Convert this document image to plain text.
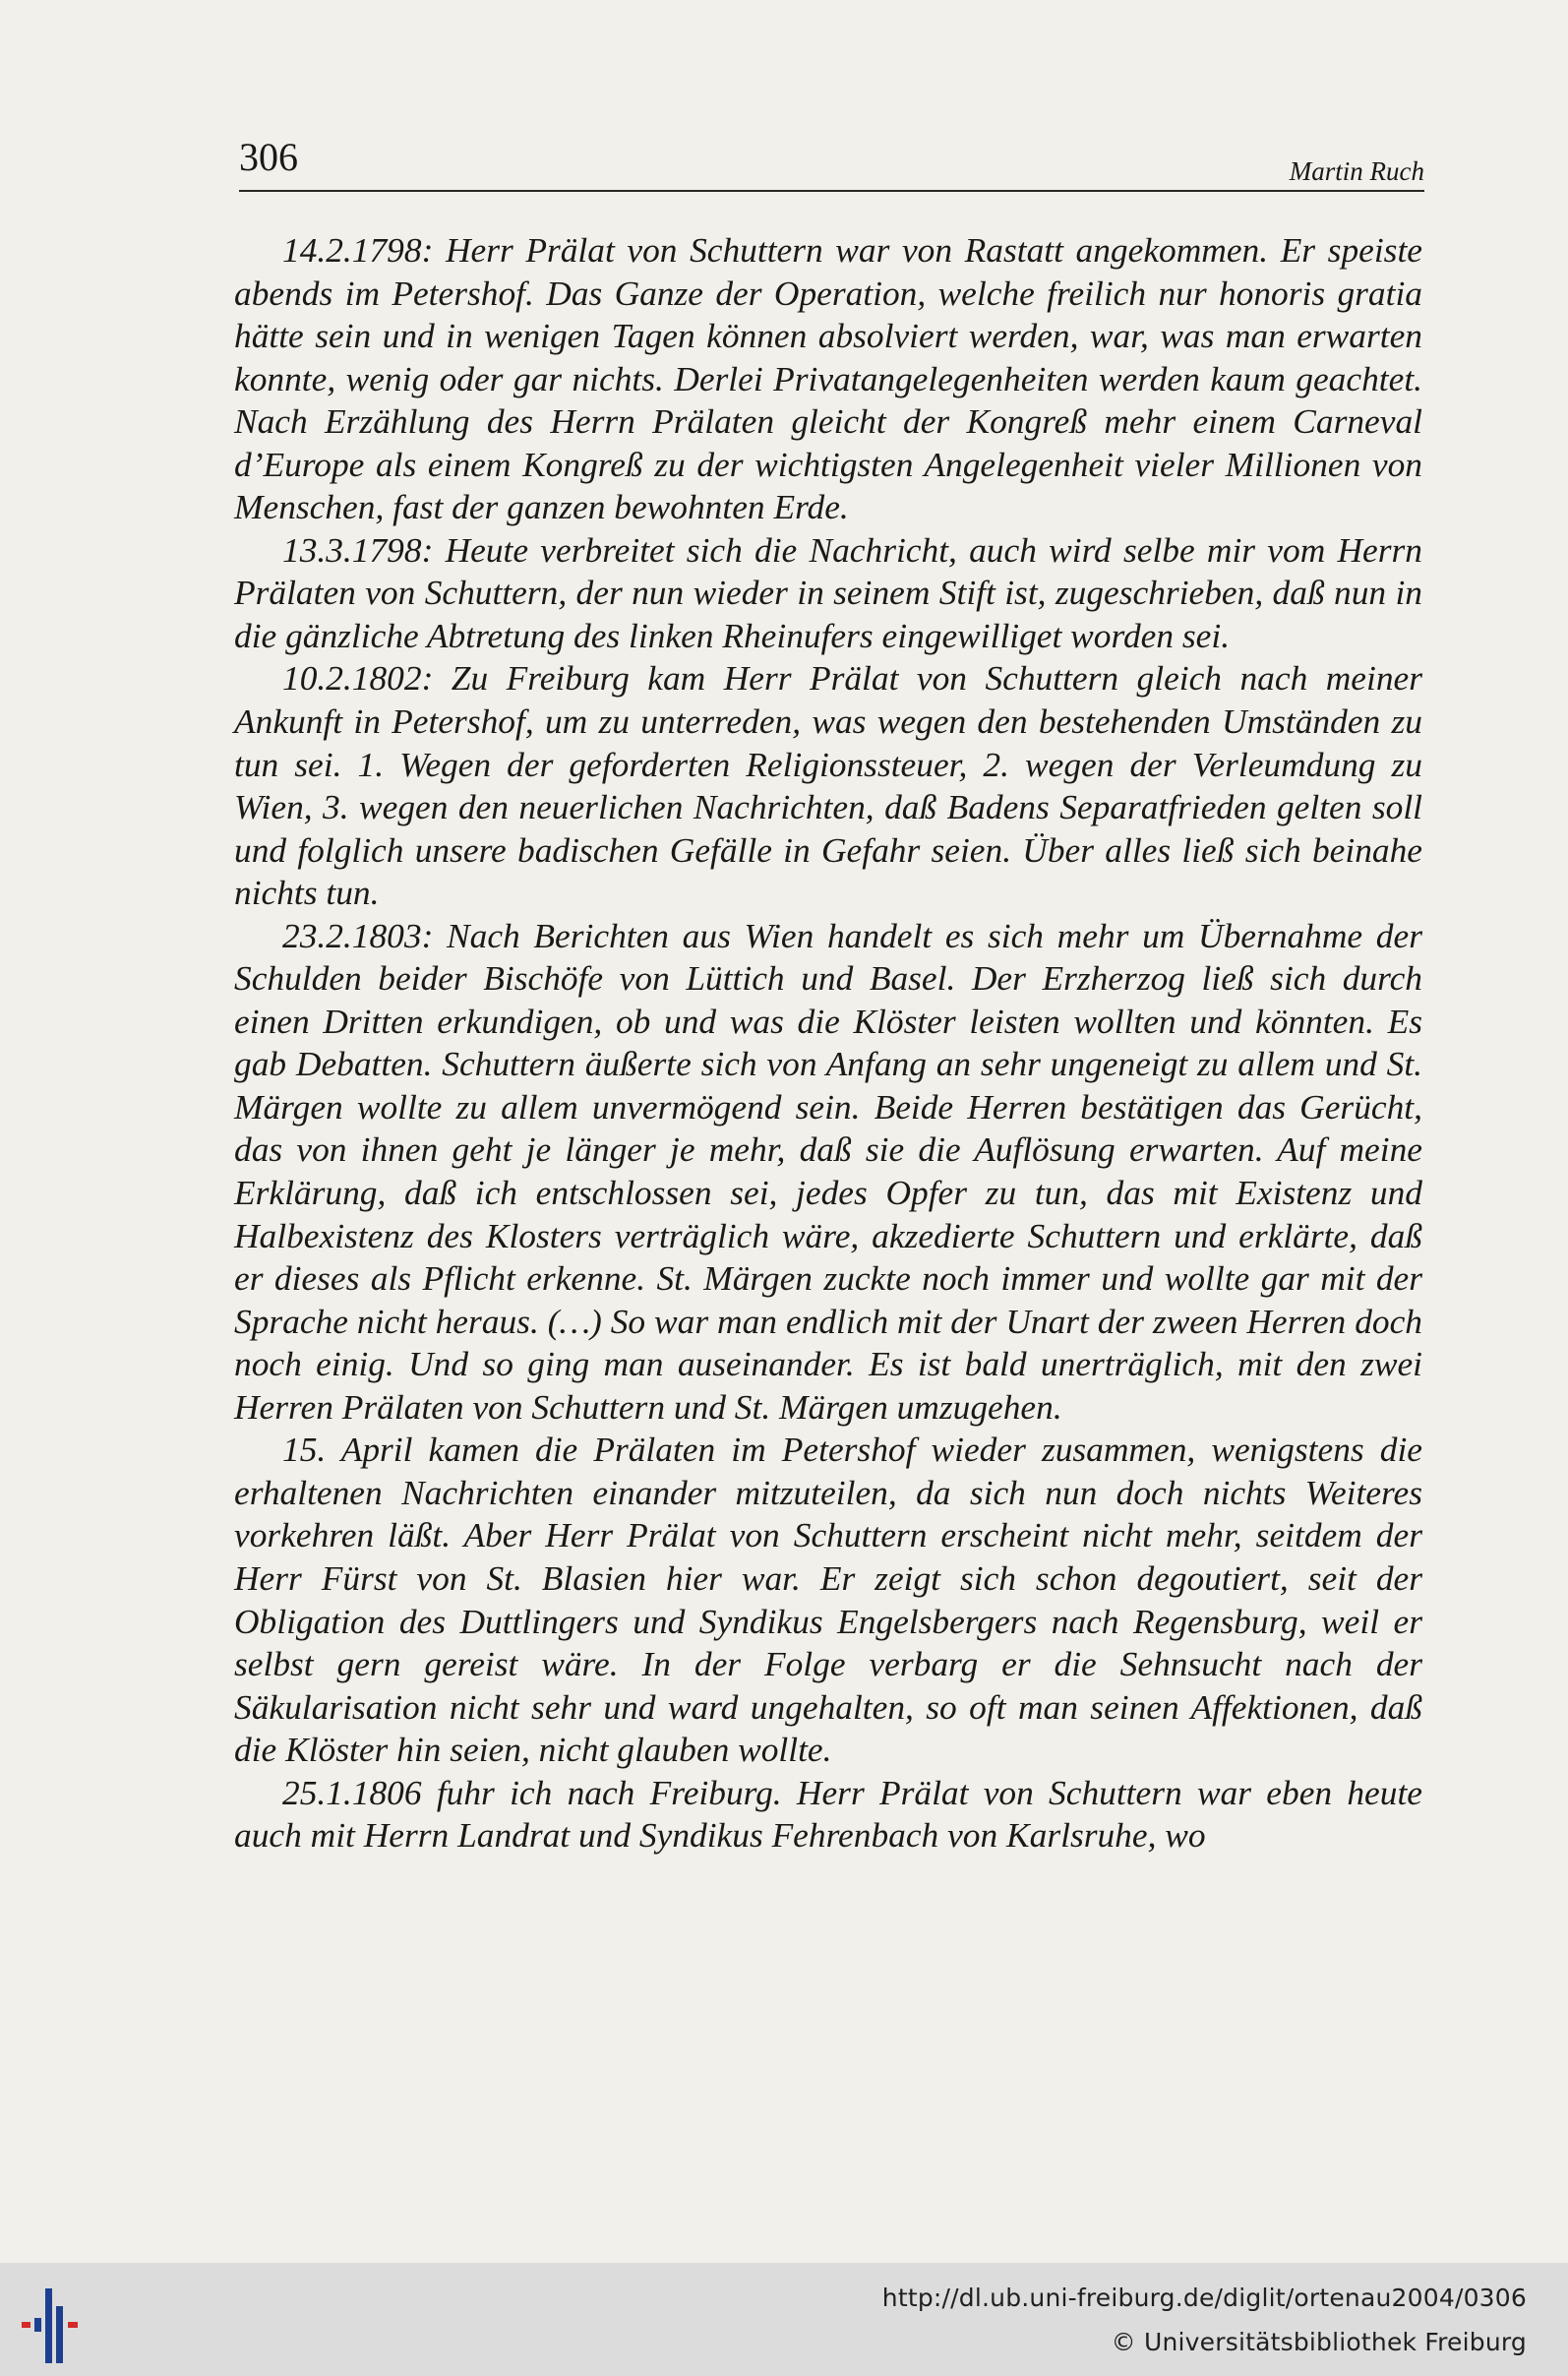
306	Martin Ruch

14.2.1798: Herr Prälat von Schuttern war von Rastatt angekommen. Er speiste abends im Petershof. Das Ganze der Operation, welche freilich nur honoris gratia hätte sein und in wenigen Tagen können absolviert werden, war, was man erwarten konnte, wenig oder gar nichts. Derlei Privatangelegenheiten werden kaum geachtet. Nach Erzählung des Herrn Prälaten gleicht der Kongreß mehr einem Carneval d’Europe als einem Kongreß zu der wichtigsten Angelegenheit vieler Millionen von Menschen, fast der ganzen bewohnten Erde.

13.3.1798: Heute verbreitet sich die Nachricht, auch wird selbe mir vom Herrn Prälaten von Schuttern, der nun wieder in seinem Stift ist, zugeschrieben, daß nun in die gänzliche Abtretung des linken Rheinufers eingewilliget worden sei.

10.2.1802: Zu Freiburg kam Herr Prälat von Schuttern gleich nach meiner Ankunft in Petershof, um zu unterreden, was wegen den bestehenden Umständen zu tun sei. 1. Wegen der geforderten Religionssteuer, 2. wegen der Verleumdung zu Wien, 3. wegen den neuerlichen Nachrichten, daß Badens Separatfrieden gelten soll und folglich unsere badischen Gefälle in Gefahr seien. Über alles ließ sich beinahe nichts tun.

23.2.1803: Nach Berichten aus Wien handelt es sich mehr um Übernahme der Schulden beider Bischöfe von Lüttich und Basel. Der Erzherzog ließ sich durch einen Dritten erkundigen, ob und was die Klöster leisten wollten und könnten. Es gab Debatten. Schuttern äußerte sich von Anfang an sehr ungeneigt zu allem und St. Märgen wollte zu allem unvermögend sein. Beide Herren bestätigen das Gerücht, das von ihnen geht je länger je mehr, daß sie die Auflösung erwarten. Auf meine Erklärung, daß ich entschlossen sei, jedes Opfer zu tun, das mit Existenz und Halbexistenz des Klosters verträglich wäre, akzedierte Schuttern und erklärte, daß er dieses als Pflicht erkenne. St. Märgen zuckte noch immer und wollte gar mit der Sprache nicht heraus. (…) So war man endlich mit der Unart der zween Herren doch noch einig. Und so ging man auseinander. Es ist bald unerträglich, mit den zwei Herren Prälaten von Schuttern und St. Märgen umzugehen.

15. April kamen die Prälaten im Petershof wieder zusammen, wenigstens die erhaltenen Nachrichten einander mitzuteilen, da sich nun doch nichts Weiteres vorkehren läßt. Aber Herr Prälat von Schuttern erscheint nicht mehr, seitdem der Herr Fürst von St. Blasien hier war. Er zeigt sich schon degoutiert, seit der Obligation des Duttlingers und Syndikus Engelsbergers nach Regensburg, weil er selbst gern gereist wäre. In der Folge verbarg er die Sehnsucht nach der Säkularisation nicht sehr und ward ungehalten, so oft man seinen Affektionen, daß die Klöster hin seien, nicht glauben wollte.

25.1.1806 fuhr ich nach Freiburg. Herr Prälat von Schuttern war eben heute auch mit Herrn Landrat und Syndikus Fehrenbach von Karlsruhe, wo

http://dl.ub.uni-freiburg.de/diglit/ortenau2004/0306
© Universitätsbibliothek Freiburg
